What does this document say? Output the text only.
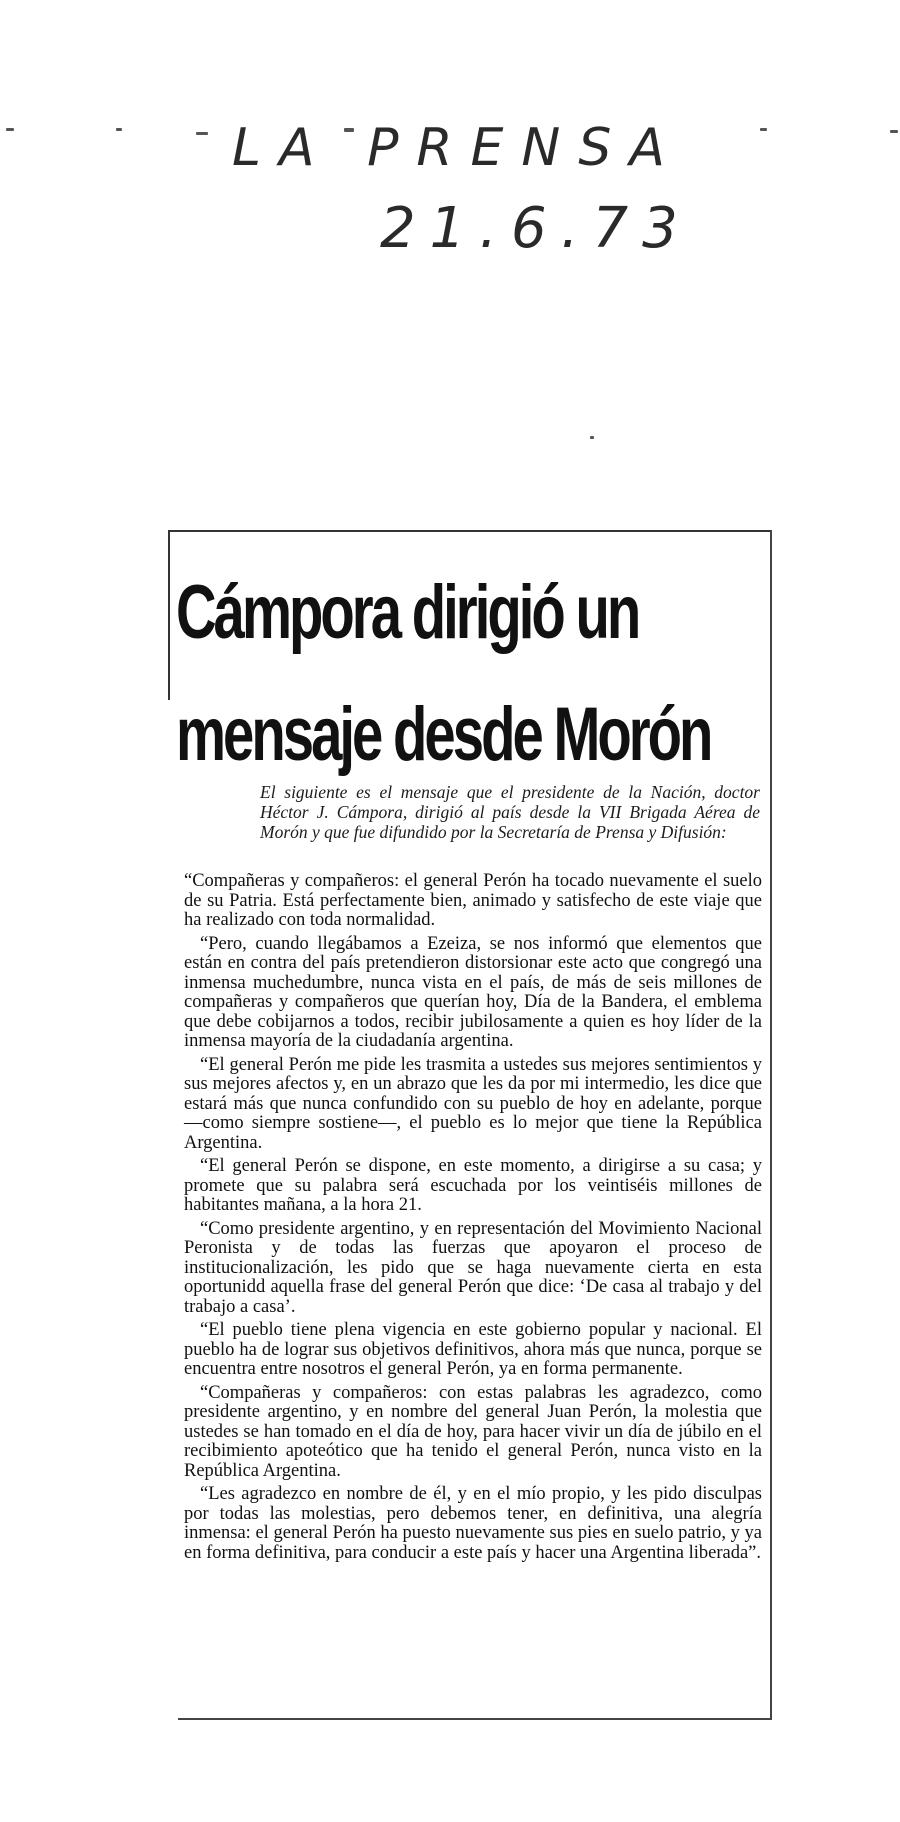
LA PRENSA
21.6.73
Cámpora dirigió un
mensaje desde Morón
El siguiente es el mensaje que el presidente de la Nación, doctor Héctor J. Cámpora, dirigió al país desde la VII Brigada Aérea de Morón y que fue difundido por la Secretaría de Prensa y Difusión:

“Compañeras y compañeros: el general Perón ha tocado nuevamente el suelo de su Patria. Está perfectamente bien, animado y satisfecho de este viaje que ha realizado con toda normalidad.

“Pero, cuando llegábamos a Ezeiza, se nos informó que elementos que están en contra del país pretendieron distorsionar este acto que congregó una inmensa muchedumbre, nunca vista en el país, de más de seis millones de compañeras y compañeros que querían hoy, Día de la Bandera, el emblema que debe cobijarnos a todos, recibir jubilosamente a quien es hoy líder de la inmensa mayoría de la ciudadanía argentina.

“El general Perón me pide les trasmita a ustedes sus mejores sentimientos y sus mejores afectos y, en un abrazo que les da por mi intermedio, les dice que estará más que nunca confundido con su pueblo de hoy en adelante, porque —como siempre sostiene—, el pueblo es lo mejor que tiene la República Argentina.

“El general Perón se dispone, en este momento, a dirigirse a su casa; y promete que su palabra será escuchada por los veintiséis millones de habitantes mañana, a la hora 21.

“Como presidente argentino, y en representación del Movimiento Nacional Peronista y de todas las fuerzas que apoyaron el proceso de institucionalización, les pido que se haga nuevamente cierta en esta oportunidd aquella frase del general Perón que dice: ‘De casa al trabajo y del trabajo a casa’.

“El pueblo tiene plena vigencia en este gobierno popular y nacional. El pueblo ha de lograr sus objetivos definitivos, ahora más que nunca, porque se encuentra entre nosotros el general Perón, ya en forma permanente.

“Compañeras y compañeros: con estas palabras les agradezco, como presidente argentino, y en nombre del general Juan Perón, la molestia que ustedes se han tomado en el día de hoy, para hacer vivir un día de júbilo en el recibimiento apoteótico que ha tenido el general Perón, nunca visto en la República Argentina.

“Les agradezco en nombre de él, y en el mío propio, y les pido disculpas por todas las molestias, pero debemos tener, en definitiva, una alegría inmensa: el general Perón ha puesto nuevamente sus pies en suelo patrio, y ya en forma definitiva, para conducir a este país y hacer una Argentina liberada”.
